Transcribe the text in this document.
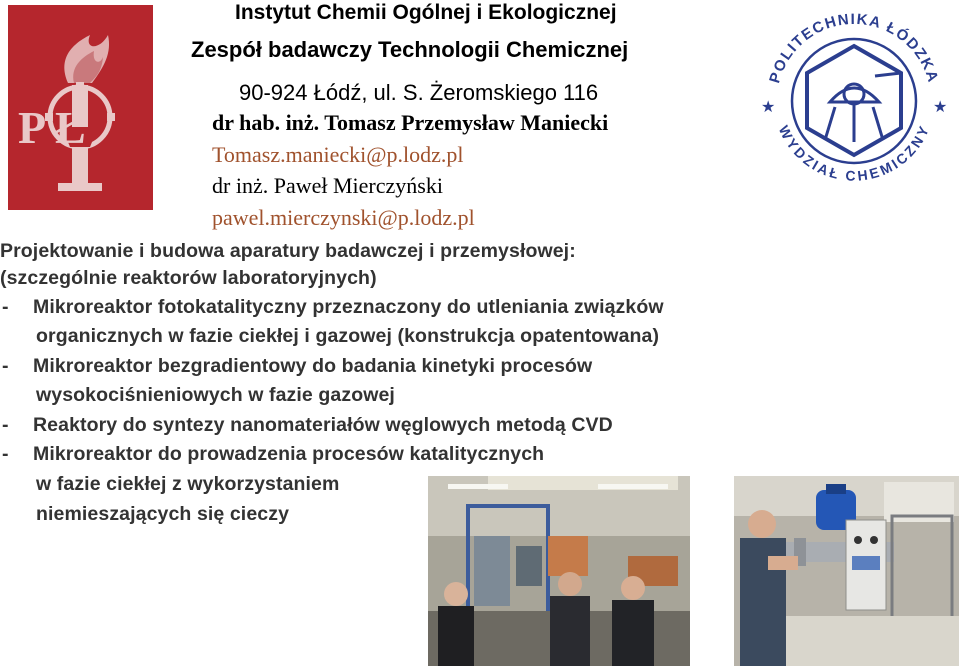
Instytut Chemii Ogólnej i Ekologicznej
Zespół badawczy Technologii Chemicznej
90-924 Łódź, ul. S. Żeromskiego 116
dr hab. inż. Tomasz Przemysław Maniecki
Tomasz.maniecki@p.lodz.pl
dr inż. Paweł Mierczyński
pawel.mierczynski@p.lodz.pl
P Ł	★	★
POLITECHNIKA ŁÓDZKA
WYDZIAŁ CHEMICZNY
Projektowanie i budowa aparatury badawczej i przemysłowej:
(szczególnie reaktorów laboratoryjnych)
- Mikroreaktor fotokatalityczny przeznaczony do utleniania związków
organicznych w fazie ciekłej i gazowej (konstrukcja opatentowana)
- Mikroreaktor bezgradientowy do badania kinetyki procesów
wysokociśnieniowych w fazie gazowej
- Reaktory do syntezy nanomateriałów węglowych metodą CVD
- Mikroreaktor do prowadzenia procesów katalitycznych
w fazie ciekłej z wykorzystaniem
niemieszających się cieczy
